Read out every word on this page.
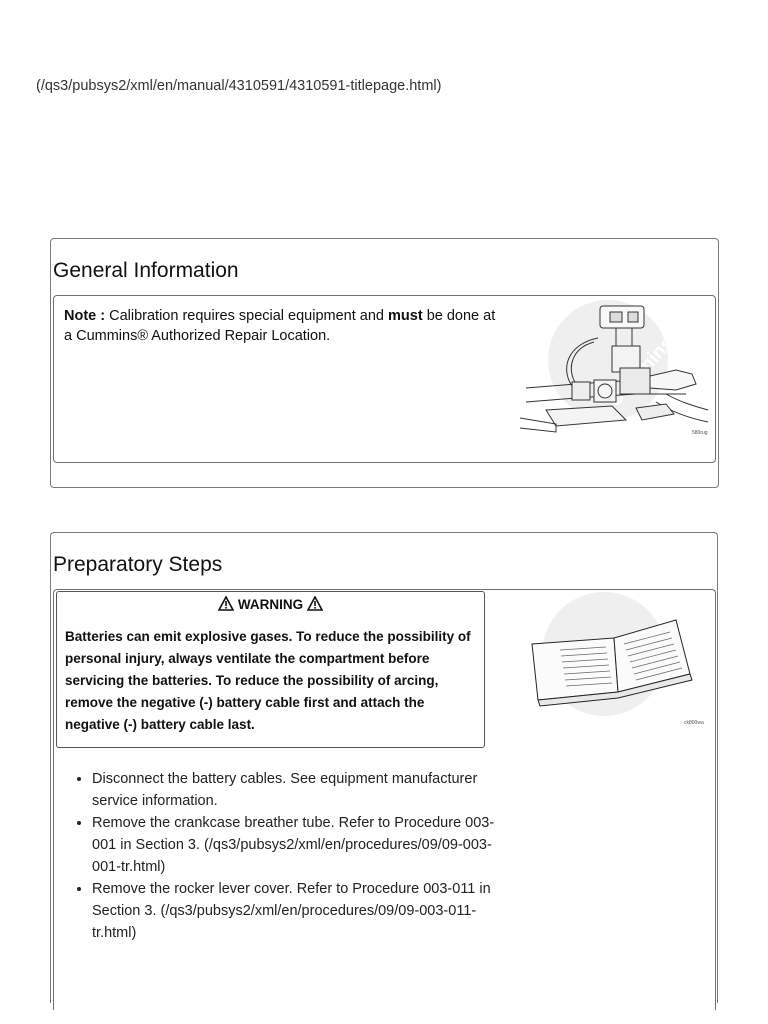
(/qs3/pubsys2/xml/en/manual/4310591/4310591-titlepage.html)
General Information
Note : Calibration requires special equipment and must be done at a Cummins® Authorized Repair Location.
580rug
Preparatory Steps
WARNING
Batteries can emit explosive gases. To reduce the possibility of personal injury, always ventilate the compartment before servicing the batteries. To reduce the possibility of arcing, remove the negative (-) battery cable first and attach the negative (-) battery cable last.	ck800wa
• Disconnect the battery cables. See equipment manufacturer service information.
• Remove the crankcase breather tube. Refer to Procedure 003-001 in Section 3. (/qs3/pubsys2/xml/en/procedures/09/09-003-001-tr.html)
• Remove the rocker lever cover. Refer to Procedure 003-011 in Section 3. (/qs3/pubsys2/xml/en/procedures/09/09-003-011-tr.html)
